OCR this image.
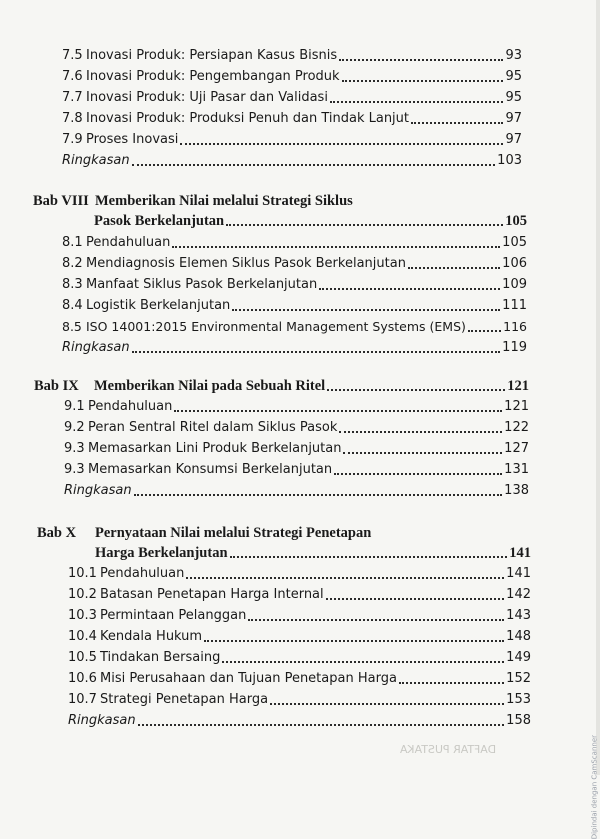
7.5 Inovasi Produk: Persiapan Kasus Bisnis	93
7.6 Inovasi Produk: Pengembangan Produk	95
7.7 Inovasi Produk: Uji Pasar dan Validasi	95
7.8 Inovasi Produk: Produksi Penuh dan Tindak Lanjut	97
7.9 Proses Inovasi	97
Ringkasan	103
Bab VIII Memberikan Nilai melalui Strategi Siklus
Pasok Berkelanjutan	105
8.1 Pendahuluan	105
8.2 Mendiagnosis Elemen Siklus Pasok Berkelanjutan	106
8.3 Manfaat Siklus Pasok Berkelanjutan	109
8.4 Logistik Berkelanjutan	111
8.5 ISO 14001:2015 Environmental Management Systems (EMS)	116
Ringkasan	119
Bab IX	Memberikan Nilai pada Sebuah Ritel	121
9.1 Pendahuluan	121
9.2 Peran Sentral Ritel dalam Siklus Pasok	122
9.3 Memasarkan Lini Produk Berkelanjutan	127
9.3 Memasarkan Konsumsi Berkelanjutan	131
Ringkasan	138
Bab X Pernyataan Nilai melalui Strategi Penetapan
Harga Berkelanjutan	141
10.1 Pendahuluan	141
10.2 Batasan Penetapan Harga Internal	142
10.3 Permintaan Pelanggan	143
10.4 Kendala Hukum	148
10.5 Tindakan Bersaing	149
10.6 Misi Perusahaan dan Tujuan Penetapan Harga	152
10.7 Strategi Penetapan Harga	153
Ringkasan	158
DAFTAR PUSTAKA	Dipindai dengan CamScanner
